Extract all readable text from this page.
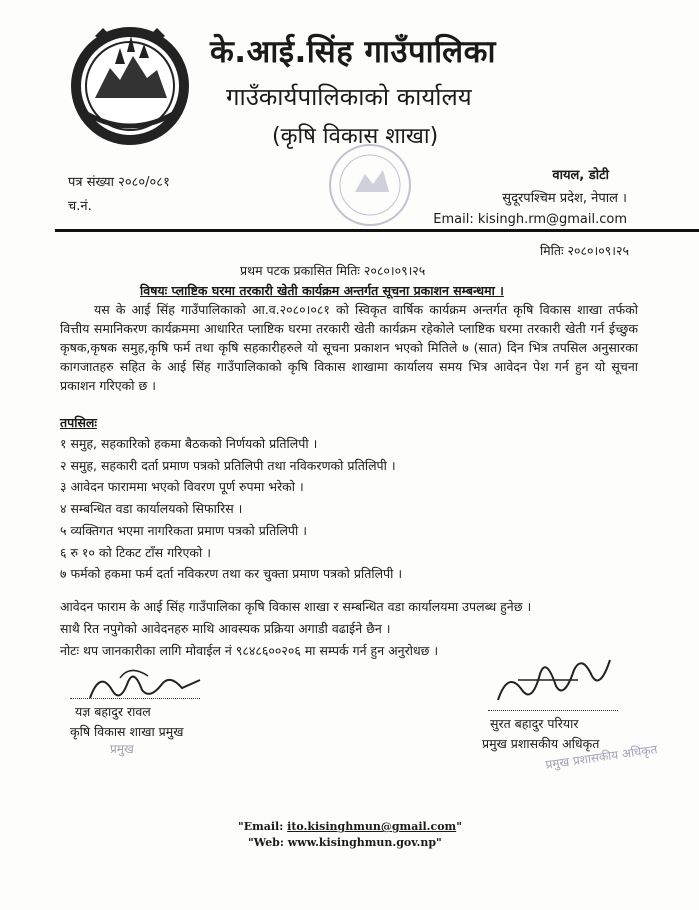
के.आई.सिंह गाउँपालिका
गाउँकार्यपालिकाको कार्यालय
(कृषि विकास शाखा)
पत्र संख्या २०८०/०८१
च.नं.
वायल, डोटी
सुदूरपश्चिम प्रदेश, नेपाल ।
Email: kisingh.rm@gmail.com
मितिः २०८०।०९।२५
प्रथम पटक प्रकासित मितिः २०८०।०९।२५
विषयः प्लाष्टिक घरमा तरकारी खेती कार्यक्रम अन्तर्गत सूचना प्रकाशन सम्बन्धमा ।

यस के आई सिंह गाउँपालिकाको आ.व.२०८०।०८१ को स्विकृत वार्षिक कार्यक्रम अन्तर्गत कृषि विकास शाखा तर्फको वित्तीय समानिकरण कार्यक्रममा आधारित प्लाष्टिक घरमा तरकारी खेती कार्यक्रम रहेकोले प्लाष्टिक घरमा तरकारी खेती गर्न ईच्छुक कृषक,कृषक समुह,कृषि फर्म तथा कृषि सहकारीहरुले यो सूचना प्रकाशन भएको मितिले ७ (सात) दिन भित्र तपसिल अनुसारका कागजातहरु सहित के आई सिंह गाउँपालिकाको कृषि विकास शाखामा कार्यालय समय भित्र आवेदन पेश गर्न हुन यो सूचना प्रकाशन गरिएको छ ।

तपसिलः
१ समुह, सहकारिको हकमा बैठकको निर्णयको प्रतिलिपी ।
२ समुह, सहकारी दर्ता प्रमाण पत्रको प्रतिलिपी तथा नविकरणको प्रतिलिपी ।
३ आवेदन फाराममा भएको विवरण पूर्ण रुपमा भरेको ।
४ सम्बन्धित वडा कार्यालयको सिफारिस ।
५ व्यक्तिगत भएमा नागरिकता प्रमाण पत्रको प्रतिलिपी ।
६ रु १० को टिकट टाँस गरिएको ।
७ फर्मको हकमा फर्म दर्ता नविकरण तथा कर चुक्ता प्रमाण पत्रको प्रतिलिपी ।
आवेदन फाराम के आई सिंह गाउँपालिका कृषि विकास शाखा र सम्बन्धित वडा कार्यालयमा उपलब्ध हुनेछ ।
साथै रित नपुगेको आवेदनहरु माथि आवस्यक प्रक्रिया अगाडी वढाईने छैन ।
नोटः थप जानकारीका लागि मोवाईल नं ९८४८६००२०६ मा सम्पर्क गर्न हुन अनुरोधछ ।
यज्ञ बहादुर रावल
कृषि विकास शाखा प्रमुख
प्रमुख
सुरत बहादुर परियार
प्रमुख प्रशासकीय अधिकृत
प्रमुख प्रशासकीय अधिकृत
"Email: ito.kisinghmun@gmail.com"
"Web: www.kisinghmun.gov.np"
